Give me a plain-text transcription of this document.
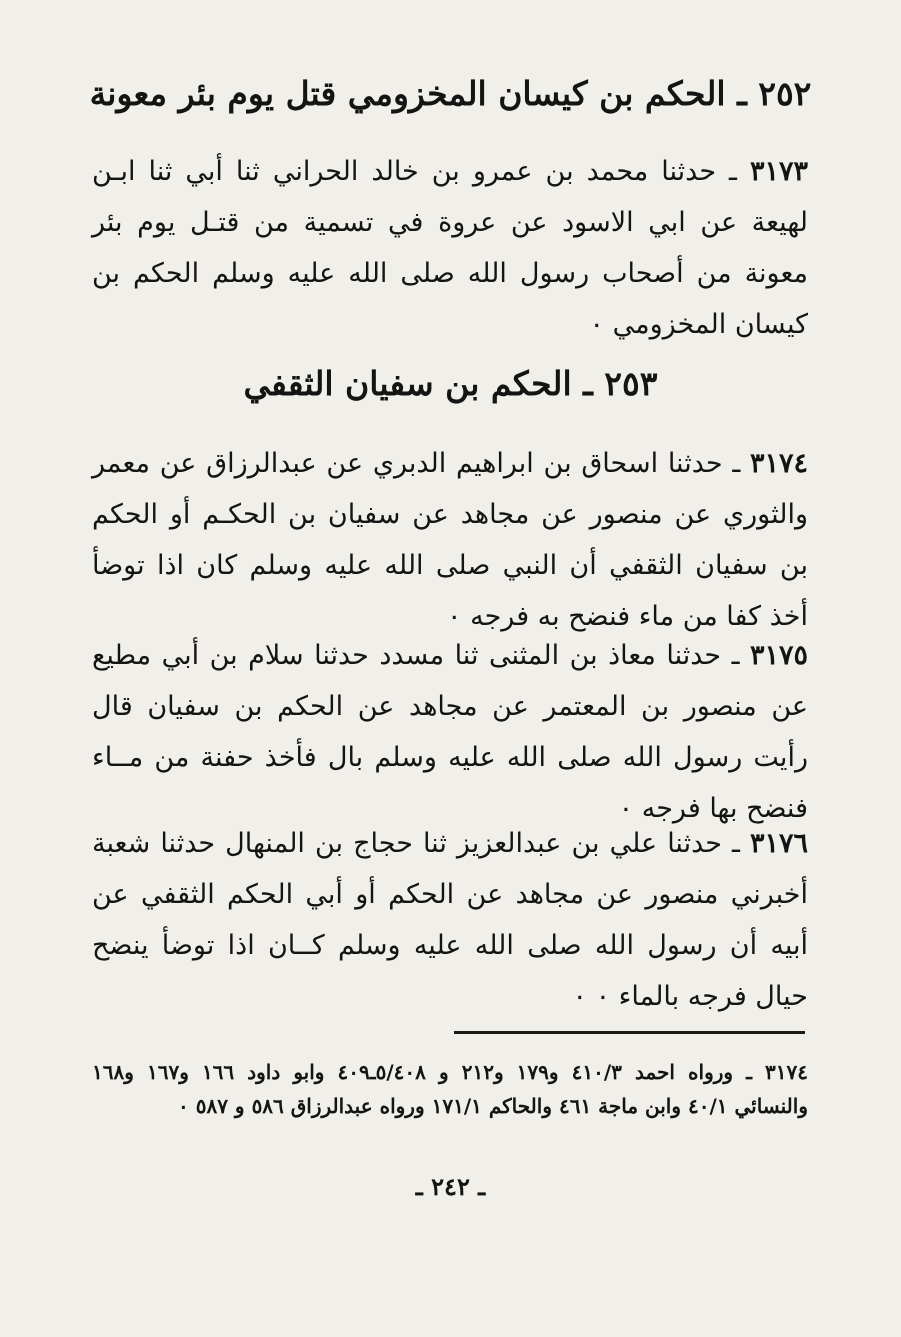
٢٥٢ ـ الحكم بن كيسان المخزومي قتل يوم بئر معونة
٣١٧٣ ـ حدثنا محمد بن عمرو بن خالد الحراني ثنا أبي ثنا ابـن لهيعة عن ابي الاسود عن عروة في تسمية من قتـل يوم بئر معونة من أصحاب رسول الله صلى الله عليه وسلم الحكم بن كيسان المخزومي ٠
٢٥٣ ـ الحكم بن سفيان الثقفي
٣١٧٤ ـ حدثنا اسحاق بن ابراهيم الدبري عن عبدالرزاق عن معمر والثوري عن منصور عن مجاهد عن سفيان بن الحكـم أو الحكم بن سفيان الثقفي أن النبي صلى الله عليه وسلم كان اذا توضأ أخذ كفا من ماء فنضح به فرجه ٠
٣١٧٥ ـ حدثنا معاذ بن المثنى ثنا مسدد حدثنا سلام بن أبي مطيع عن منصور بن المعتمر عن مجاهد عن الحكم بن سفيان قال رأيت رسول الله صلى الله عليه وسلم بال فأخذ حفنة من مــاء فنضح بها فرجه ٠
٣١٧٦ ـ حدثنا علي بن عبدالعزيز ثنا حجاج بن المنهال حدثنا شعبة أخبرني منصور عن مجاهد عن الحكم أو أبي الحكم الثقفي عن أبيه أن رسول الله صلى الله عليه وسلم كــان اذا توضأ ينضح حيال فرجه بالماء ٠ ٠
٣١٧٤ ـ ورواه احمد ٤١٠/٣ و١٧٩ و٢١٢ و ٥/٤٠٨ـ٤٠٩ وابو داود ١٦٦ و١٦٧ و١٦٨ والنسائي ٤٠/١ وابن ماجة ٤٦١ والحاكم ١٧١/١ ورواه عبدالرزاق ٥٨٦ و ٥٨٧ ٠
ـ ٢٤٢ ـ
